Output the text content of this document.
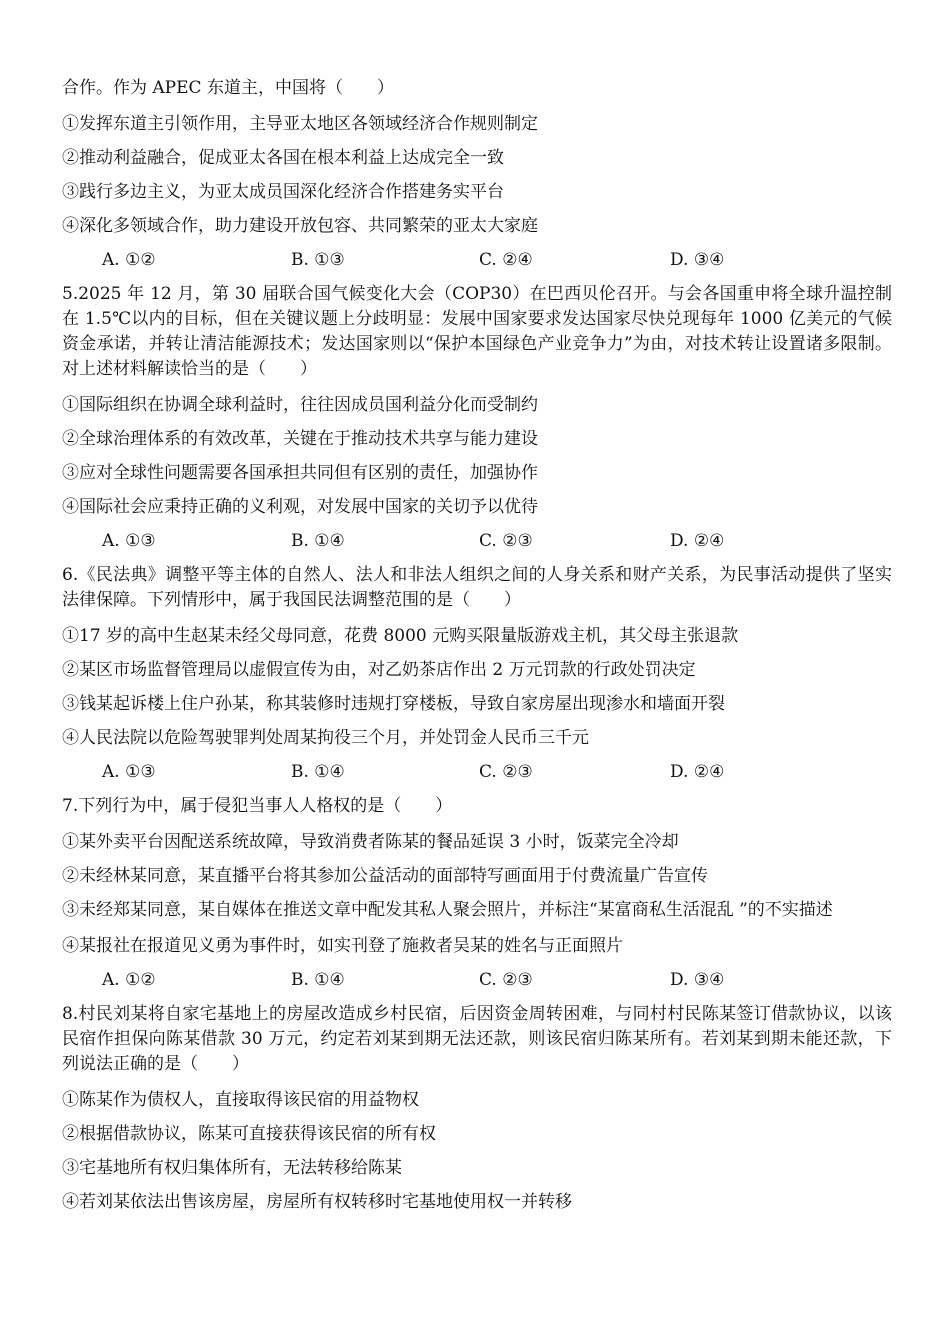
合作。作为 APEC 东道主，中国将（　　）
①发挥东道主引领作用，主导亚太地区各领域经济合作规则制定
②推动利益融合，促成亚太各国在根本利益上达成完全一致
③践行多边主义，为亚太成员国深化经济合作搭建务实平台
④深化多领域合作，助力建设开放包容、共同繁荣的亚太大家庭
A. ①②	B. ①③	C. ②④	D. ③④
5.2025 年 12 月，第 30 届联合国气候变化大会（COP30）在巴西贝伦召开。与会各国重申将全球升温控制在 1.5℃以内的目标，但在关键议题上分歧明显：发展中国家要求发达国家尽快兑现每年 1000 亿美元的气候资金承诺，并转让清洁能源技术；发达国家则以“保护本国绿色产业竞争力”为由，对技术转让设置诸多限制。对上述材料解读恰当的是（　　）
①国际组织在协调全球利益时，往往因成员国利益分化而受制约
②全球治理体系的有效改革，关键在于推动技术共享与能力建设
③应对全球性问题需要各国承担共同但有区别的责任，加强协作
④国际社会应秉持正确的义利观，对发展中国家的关切予以优待
A. ①③	B. ①④	C. ②③	D. ②④
6.《民法典》调整平等主体的自然人、法人和非法人组织之间的人身关系和财产关系，为民事活动提供了坚实法律保障。下列情形中，属于我国民法调整范围的是（　　）
①17 岁的高中生赵某未经父母同意，花费 8000 元购买限量版游戏主机，其父母主张退款
②某区市场监督管理局以虚假宣传为由，对乙奶茶店作出 2 万元罚款的行政处罚决定
③钱某起诉楼上住户孙某，称其装修时违规打穿楼板，导致自家房屋出现渗水和墙面开裂
④人民法院以危险驾驶罪判处周某拘役三个月，并处罚金人民币三千元
A. ①③	B. ①④	C. ②③	D. ②④
7.下列行为中，属于侵犯当事人人格权的是（　　）
①某外卖平台因配送系统故障，导致消费者陈某的餐品延误 3 小时，饭菜完全冷却
②未经林某同意，某直播平台将其参加公益活动的面部特写画面用于付费流量广告宣传
③未经郑某同意，某自媒体在推送文章中配发其私人聚会照片，并标注“某富商私生活混乱 ”的不实描述
④某报社在报道见义勇为事件时，如实刊登了施救者吴某的姓名与正面照片
A. ①②	B. ①④	C. ②③	D. ③④
8.村民刘某将自家宅基地上的房屋改造成乡村民宿，后因资金周转困难，与同村村民陈某签订借款协议，以该民宿作担保向陈某借款 30 万元，约定若刘某到期无法还款，则该民宿归陈某所有。若刘某到期未能还款，下列说法正确的是（　　）
①陈某作为债权人，直接取得该民宿的用益物权
②根据借款协议，陈某可直接获得该民宿的所有权
③宅基地所有权归集体所有，无法转移给陈某
④若刘某依法出售该房屋，房屋所有权转移时宅基地使用权一并转移
